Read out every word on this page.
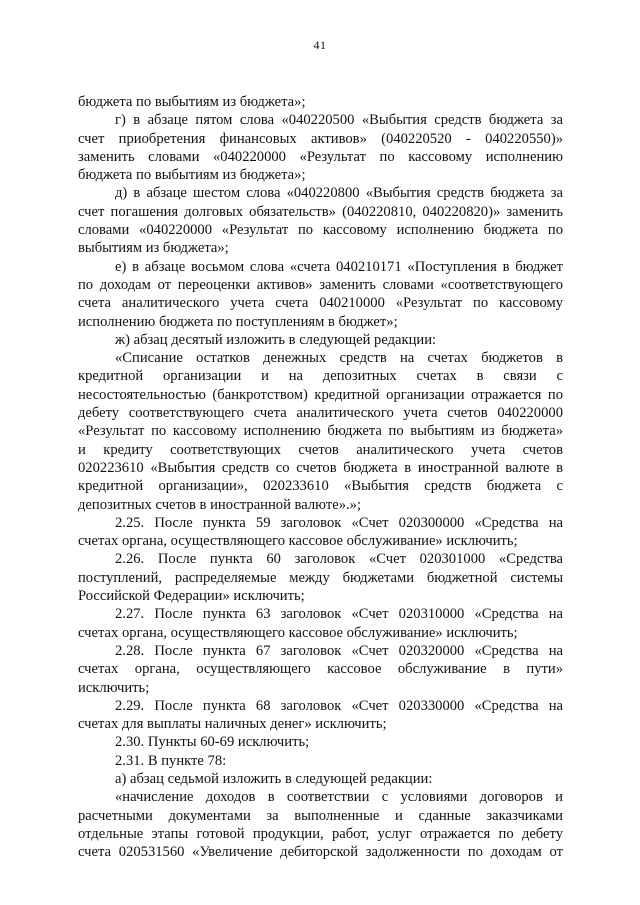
41
бюджета по выбытиям из бюджета»;
г) в абзаце пятом слова «040220500 «Выбытия средств бюджета за
счет приобретения финансовых активов» (040220520 - 040220550)»
заменить словами «040220000 «Результат по кассовому исполнению
бюджета по выбытиям из бюджета»;
д) в абзаце шестом слова «040220800 «Выбытия средств бюджета за
счет погашения долговых обязательств» (040220810, 040220820)» заменить
словами «040220000 «Результат по кассовому исполнению бюджета по
выбытиям из бюджета»;
е) в абзаце восьмом слова «счета 040210171 «Поступления в бюджет
по доходам от переоценки активов» заменить словами «соответствующего
счета аналитического учета счета 040210000 «Результат по кассовому
исполнению бюджета по поступлениям в бюджет»;
ж) абзац десятый изложить в следующей редакции:
«Списание остатков денежных средств на счетах бюджетов в
кредитной организации и на депозитных счетах в связи с
несостоятельностью (банкротством) кредитной организации отражается по
дебету соответствующего счета аналитического учета счетов 040220000
«Результат по кассовому исполнению бюджета по выбытиям из бюджета»
и кредиту соответствующих счетов аналитического учета счетов
020223610 «Выбытия средств со счетов бюджета в иностранной валюте в
кредитной организации», 020233610 «Выбытия средств бюджета с
депозитных счетов в иностранной валюте».»;
2.25. После пункта 59 заголовок «Счет 020300000 «Средства на
счетах органа, осуществляющего кассовое обслуживание» исключить;
2.26. После пункта 60 заголовок «Счет 020301000 «Средства
поступлений, распределяемые между бюджетами бюджетной системы
Российской Федерации» исключить;
2.27. После пункта 63 заголовок «Счет 020310000 «Средства на
счетах органа, осуществляющего кассовое обслуживание» исключить;
2.28. После пункта 67 заголовок «Счет 020320000 «Средства на
счетах органа, осуществляющего кассовое обслуживание в пути»
исключить;
2.29. После пункта 68 заголовок «Счет 020330000 «Средства на
счетах для выплаты наличных денег» исключить;
2.30. Пункты 60-69 исключить;
2.31. В пункте 78:
а) абзац седьмой изложить в следующей редакции:
«начисление доходов в соответствии с условиями договоров и
расчетными документами за выполненные и сданные заказчиками
отдельные этапы готовой продукции, работ, услуг отражается по дебету
счета 020531560 «Увеличение дебиторской задолженности по доходам от
